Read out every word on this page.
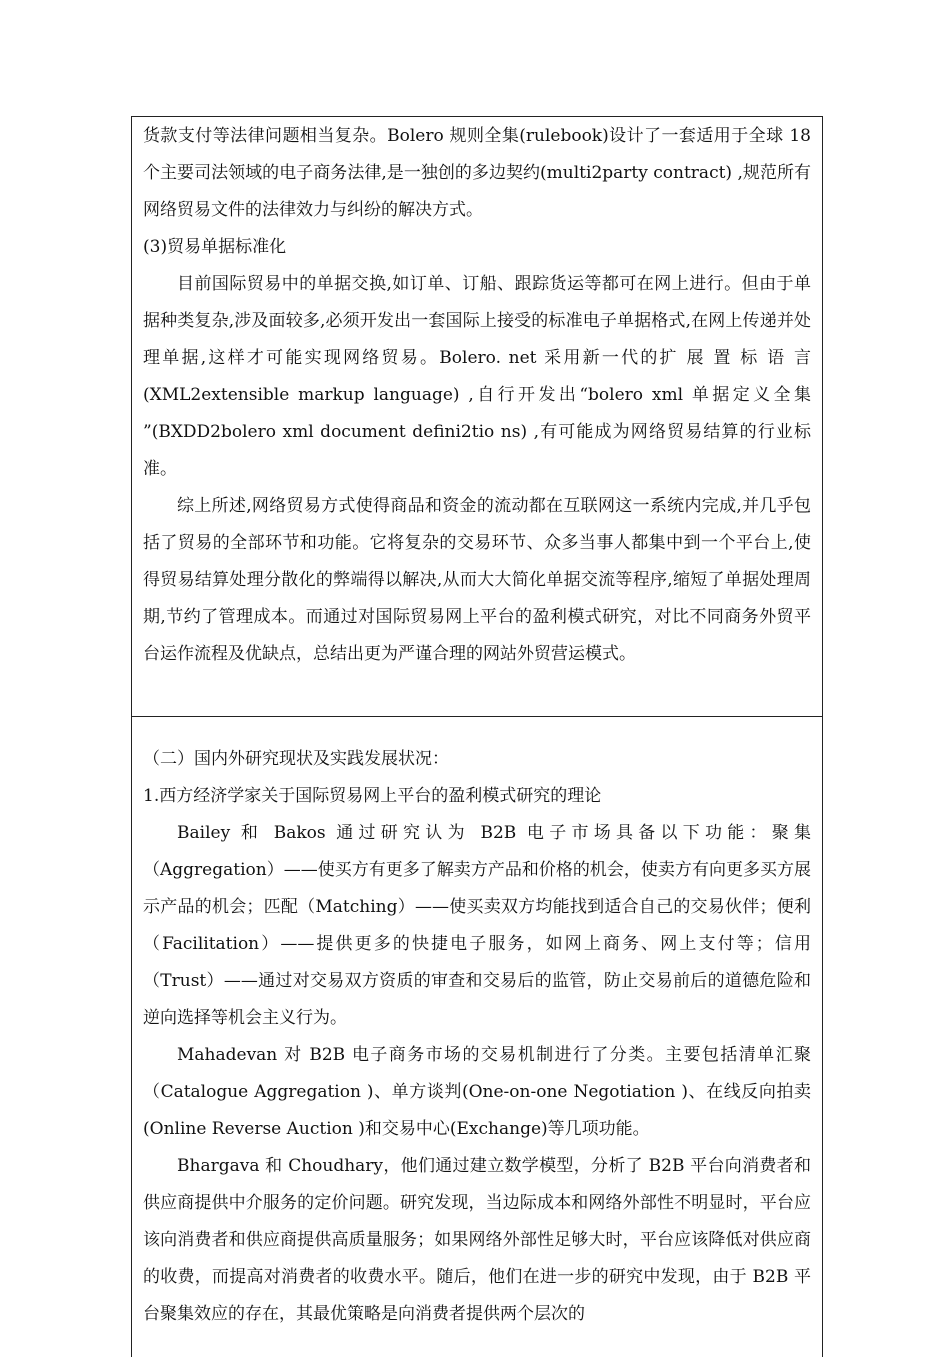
货款支付等法律问题相当复杂。Bolero 规则全集(rulebook)设计了一套适用于全球 18 个主要司法领域的电子商务法律,是一独创的多边契约(multi2party contract) ,规范所有网络贸易文件的法律效力与纠纷的解决方式。

(3)贸易单据标准化

目前国际贸易中的单据交换,如订单、订船、跟踪货运等都可在网上进行。但由于单据种类复杂,涉及面较多,必须开发出一套国际上接受的标准电子单据格式,在网上传递并处理单据,这样才可能实现网络贸易。Bolero. net 采用新一代的扩 展 置 标 语 言(XML2extensible markup language) ,自行开发出“bolero xml 单据定义全集 ”(BXDD2bolero xml document defini2tio ns) ,有可能成为网络贸易结算的行业标准。

综上所述,网络贸易方式使得商品和资金的流动都在互联网这一系统内完成,并几乎包括了贸易的全部环节和功能。它将复杂的交易环节、众多当事人都集中到一个平台上,使得贸易结算处理分散化的弊端得以解决,从而大大简化单据交流等程序,缩短了单据处理周期,节约了管理成本。而通过对国际贸易网上平台的盈利模式研究，对比不同商务外贸平台运作流程及优缺点，总结出更为严谨合理的网站外贸营运模式。

（二）国内外研究现状及实践发展状况：

1.西方经济学家关于国际贸易网上平台的盈利模式研究的理论

Bailey 和 Bakos 通过研究认为 B2B 电子市场具备以下功能：聚集（Aggregation）——使买方有更多了解卖方产品和价格的机会，使卖方有向更多买方展示产品的机会；匹配（Matching）——使买卖双方均能找到适合自己的交易伙伴；便利（Facilitation）——提供更多的快捷电子服务，如网上商务、网上支付等；信用（Trust）——通过对交易双方资质的审查和交易后的监管，防止交易前后的道德危险和逆向选择等机会主义行为。

Mahadevan 对 B2B 电子商务市场的交易机制进行了分类。主要包括清单汇聚（Catalogue Aggregation )、单方谈判(One-on-one Negotiation )、在线反向拍卖(Online Reverse Auction )和交易中心(Exchange)等几项功能。

Bhargava 和 Choudhary，他们通过建立数学模型，分析了 B2B 平台向消费者和供应商提供中介服务的定价问题。研究发现，当边际成本和网络外部性不明显时，平台应该向消费者和供应商提供高质量服务；如果网络外部性足够大时，平台应该降低对供应商的收费，而提高对消费者的收费水平。随后，他们在进一步的研究中发现，由于 B2B 平台聚集效应的存在，其最优策略是向消费者提供两个层次的
